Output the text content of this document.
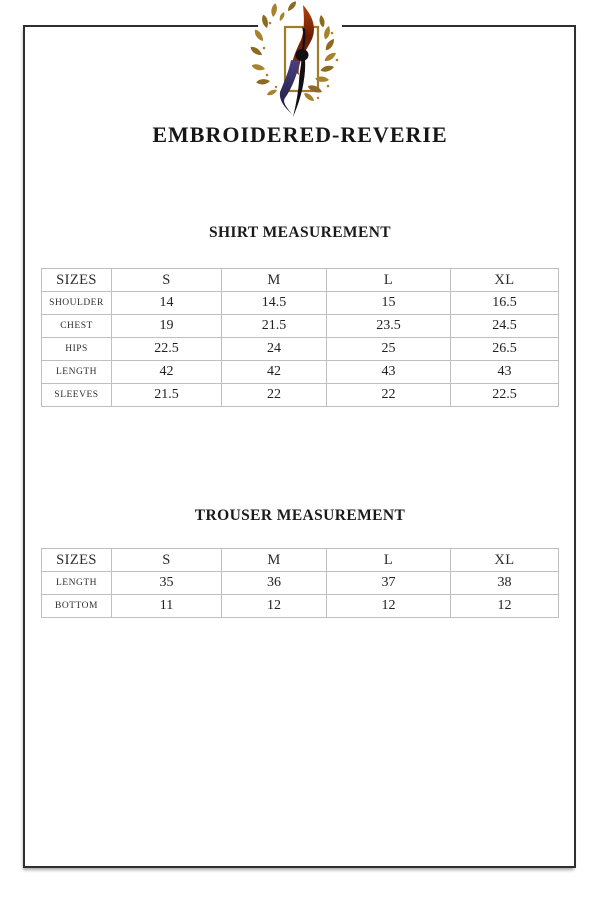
EMBROIDERED-REVERIE
SHIRT MEASUREMENT
SIZES	S	M	L	XL
SHOULDER	14	14.5	15	16.5
CHEST	19	21.5	23.5	24.5
HIPS	22.5	24	25	26.5
LENGTH	42	42	43	43
SLEEVES	21.5	22	22	22.5
TROUSER MEASUREMENT
SIZES	S	M	L	XL
LENGTH	35	36	37	38
BOTTOM	11	12	12	12
